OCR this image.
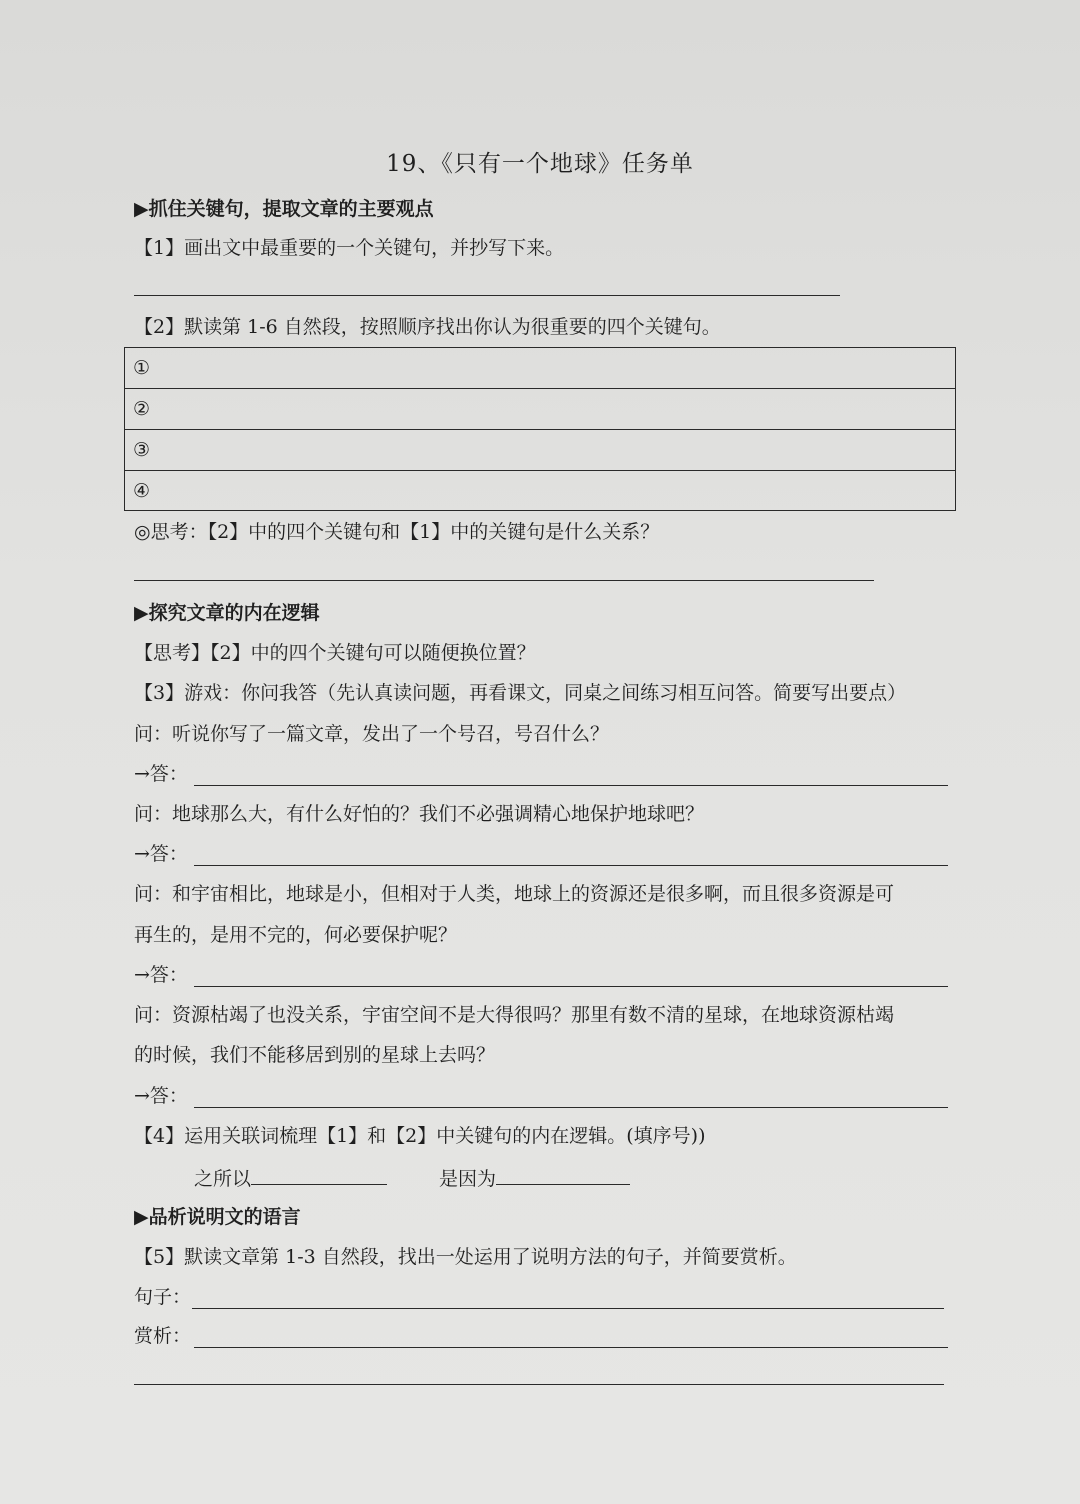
19、《只有一个地球》任务单
▶抓住关键句，提取文章的主要观点
【1】画出文中最重要的一个关键句，并抄写下来。
【2】默读第 1-6 自然段，按照顺序找出你认为很重要的四个关键句。
①
②
③
④
◎思考：【2】中的四个关键句和【1】中的关键句是什么关系？
▶探究文章的内在逻辑
【思考】【2】中的四个关键句可以随便换位置？
【3】游戏：你问我答（先认真读问题，再看课文，同桌之间练习相互问答。简要写出要点）
问：听说你写了一篇文章，发出了一个号召，号召什么？
→答：
问：地球那么大，有什么好怕的？我们不必强调精心地保护地球吧？
→答：
问：和宇宙相比，地球是小，但相对于人类，地球上的资源还是很多啊，而且很多资源是可
再生的，是用不完的，何必要保护呢？
→答：
问：资源枯竭了也没关系，宇宙空间不是大得很吗？那里有数不清的星球，在地球资源枯竭
的时候，我们不能移居到别的星球上去吗？
→答：
【4】运用关联词梳理【1】和【2】中关键句的内在逻辑。(填序号))
之所以	是因为
▶品析说明文的语言
【5】默读文章第 1-3 自然段，找出一处运用了说明方法的句子，并简要赏析。
句子：
赏析：
